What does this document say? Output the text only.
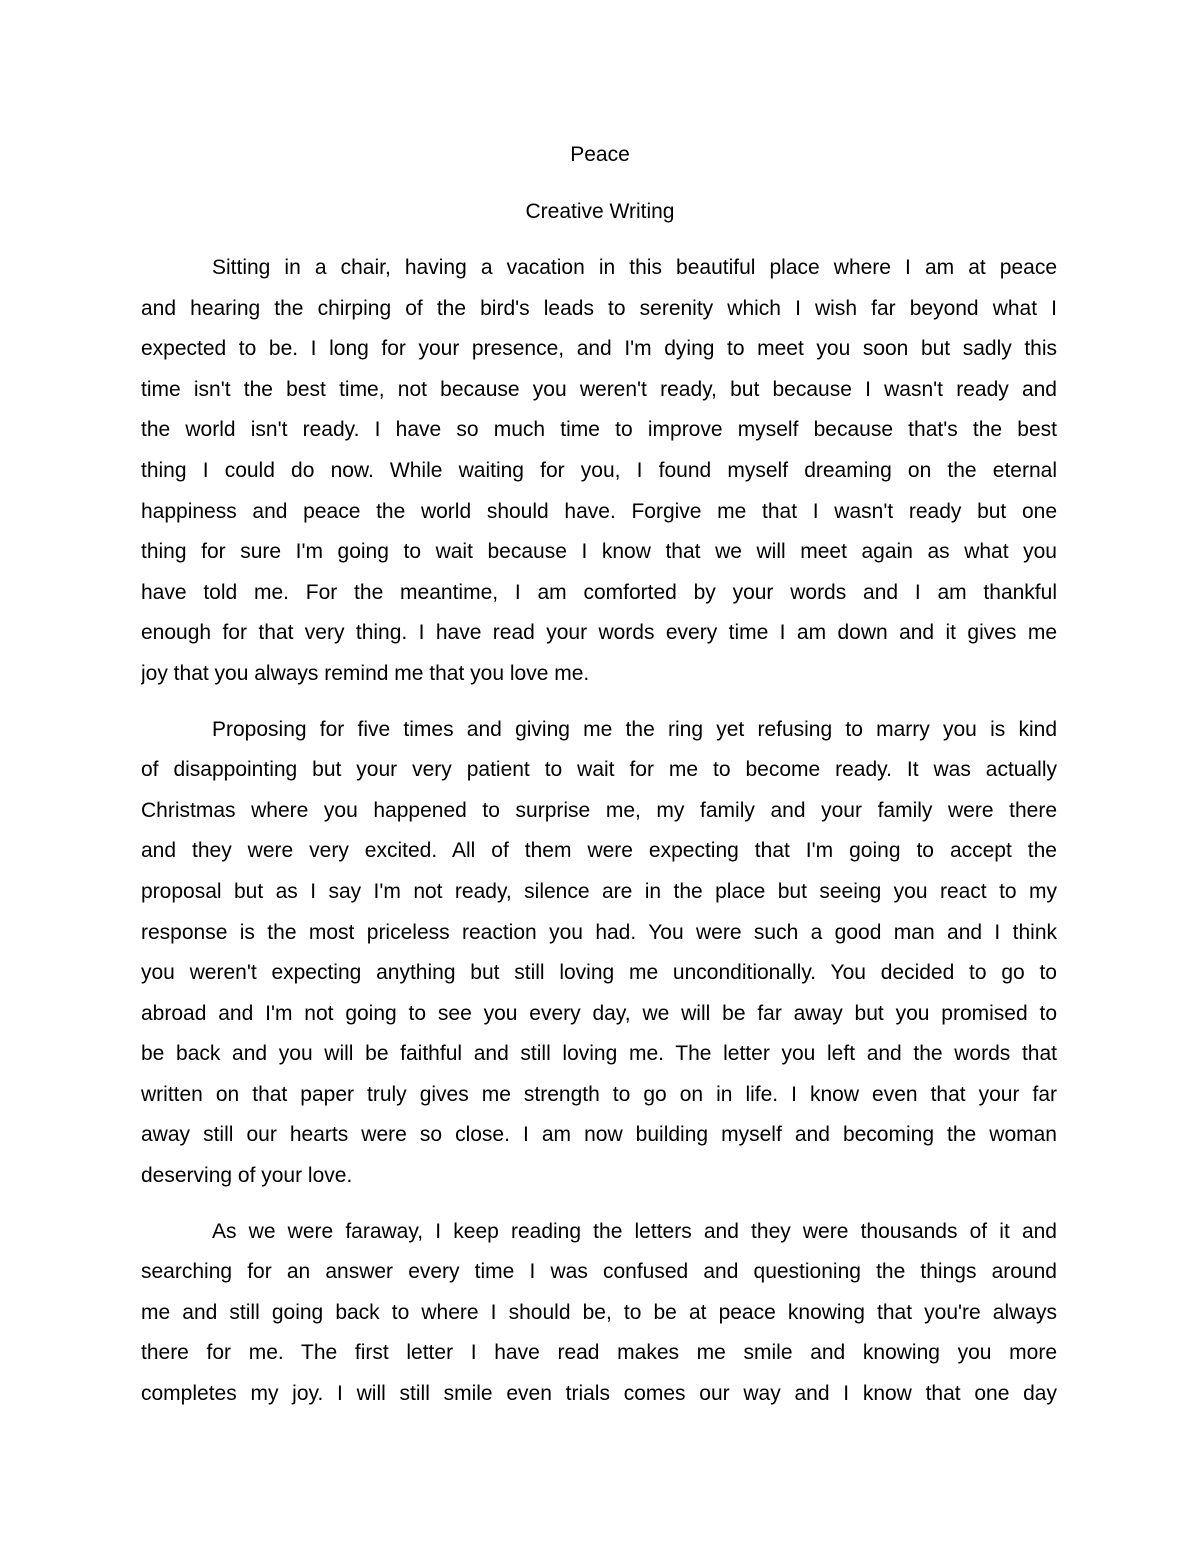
Peace
Creative Writing
Sitting in a chair, having a vacation in this beautiful place where I am at peace
and hearing the chirping of the bird's leads to serenity which I wish far beyond what I
expected to be. I long for your presence, and I'm dying to meet you soon but sadly this
time isn't the best time, not because you weren't ready, but because I wasn't ready and
the world isn't ready. I have so much time to improve myself because that's the best
thing I could do now. While waiting for you, I found myself dreaming on the eternal
happiness and peace the world should have. Forgive me that I wasn't ready but one
thing for sure I'm going to wait because I know that we will meet again as what you
have told me. For the meantime, I am comforted by your words and I am thankful
enough for that very thing. I have read your words every time I am down and it gives me
joy that you always remind me that you love me.
Proposing for five times and giving me the ring yet refusing to marry you is kind
of disappointing but your very patient to wait for me to become ready. It was actually
Christmas where you happened to surprise me, my family and your family were there
and they were very excited. All of them were expecting that I'm going to accept the
proposal but as I say I'm not ready, silence are in the place but seeing you react to my
response is the most priceless reaction you had. You were such a good man and I think
you weren't expecting anything but still loving me unconditionally. You decided to go to
abroad and I'm not going to see you every day, we will be far away but you promised to
be back and you will be faithful and still loving me. The letter you left and the words that
written on that paper truly gives me strength to go on in life. I know even that your far
away still our hearts were so close. I am now building myself and becoming the woman
deserving of your love.
As we were faraway, I keep reading the letters and they were thousands of it and
searching for an answer every time I was confused and questioning the things around
me and still going back to where I should be, to be at peace knowing that you're always
there for me. The first letter I have read makes me smile and knowing you more
completes my joy. I will still smile even trials comes our way and I know that one day
